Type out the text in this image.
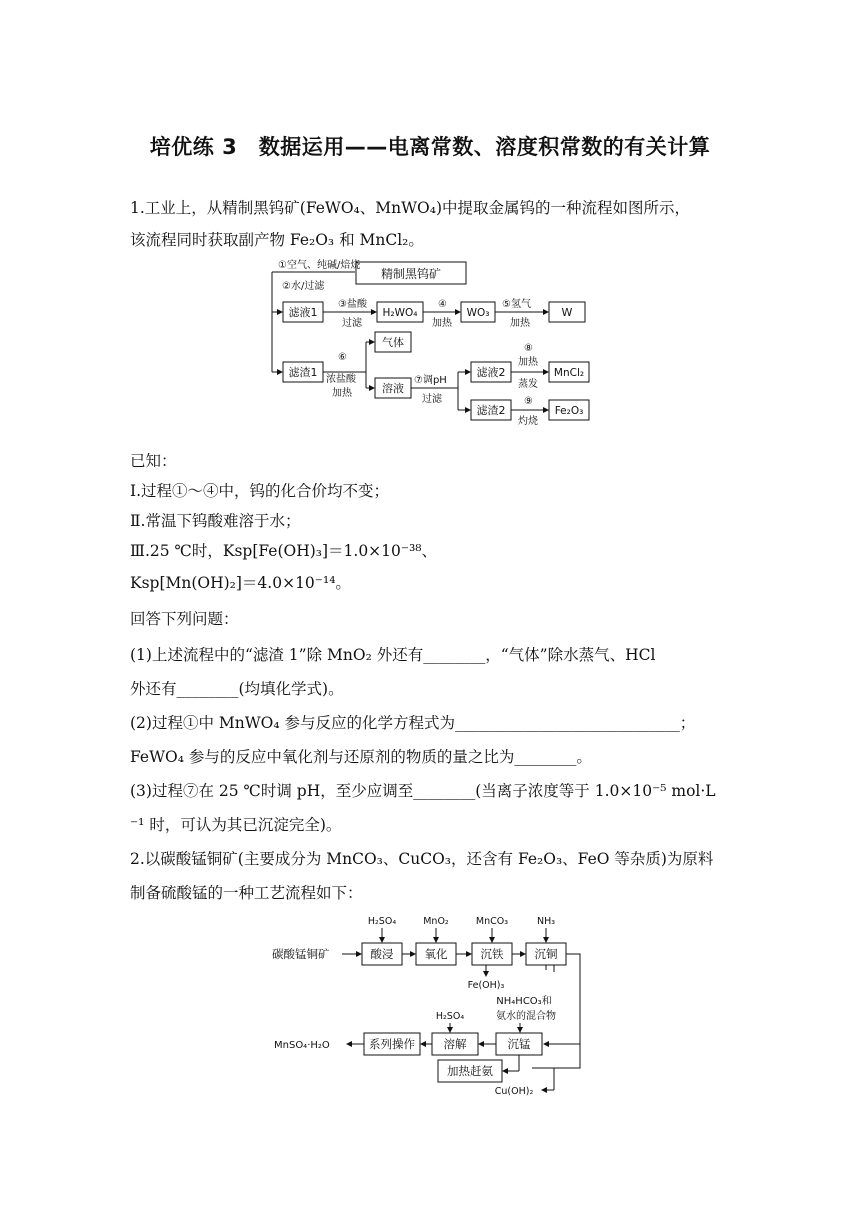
培优练 3　数据运用——电离常数、溶度积常数的有关计算
1.工业上，从精制黑钨矿(FeWO₄、MnWO₄)中提取金属钨的一种流程如图所示，
该流程同时获取副产物 Fe₂O₃ 和 MnCl₂。
①空气、纯碱/焙烧
②水/过滤
精制黑钨矿
滤液1
③盐酸
过滤
H₂WO₄
④
加热
WO₃
⑤氢气
加热
W
滤渣1
⑥
浓盐酸
加热
气体
溶液
⑦调pH
过滤
滤液2
⑧
加热
蒸发
MnCl₂
滤渣2
⑨
灼烧
Fe₂O₃
已知：
Ⅰ.过程①～④中，钨的化合价均不变；
Ⅱ.常温下钨酸难溶于水；
Ⅲ.25 ℃时，Ksp[Fe(OH)₃]＝1.0×10⁻³⁸、
Ksp[Mn(OH)₂]＝4.0×10⁻¹⁴。
回答下列问题：
(1)上述流程中的“滤渣 1”除 MnO₂ 外还有________，“气体”除水蒸气、HCl
外还有________(均填化学式)。
(2)过程①中 MnWO₄ 参与反应的化学方程式为_____________________________；
FeWO₄ 参与的反应中氧化剂与还原剂的物质的量之比为________。
(3)过程⑦在 25 ℃时调 pH，至少应调至________(当离子浓度等于 1.0×10⁻⁵ mol·L
⁻¹ 时，可认为其已沉淀完全)。
2.以碳酸锰铜矿(主要成分为 MnCO₃、CuCO₃，还含有 Fe₂O₃、FeO 等杂质)为原料
制备硫酸锰的一种工艺流程如下：
碳酸锰铜矿
H₂SO₄	MnO₂	MnCO₃	NH₃
酸浸	氧化	沉铁	沉铜
Fe(OH)₃
NH₄HCO₃和
氨水的混合物
H₂SO₄
MnSO₄·H₂O	系列操作 溶解	沉锰
加热赶氨
Cu(OH)₂
